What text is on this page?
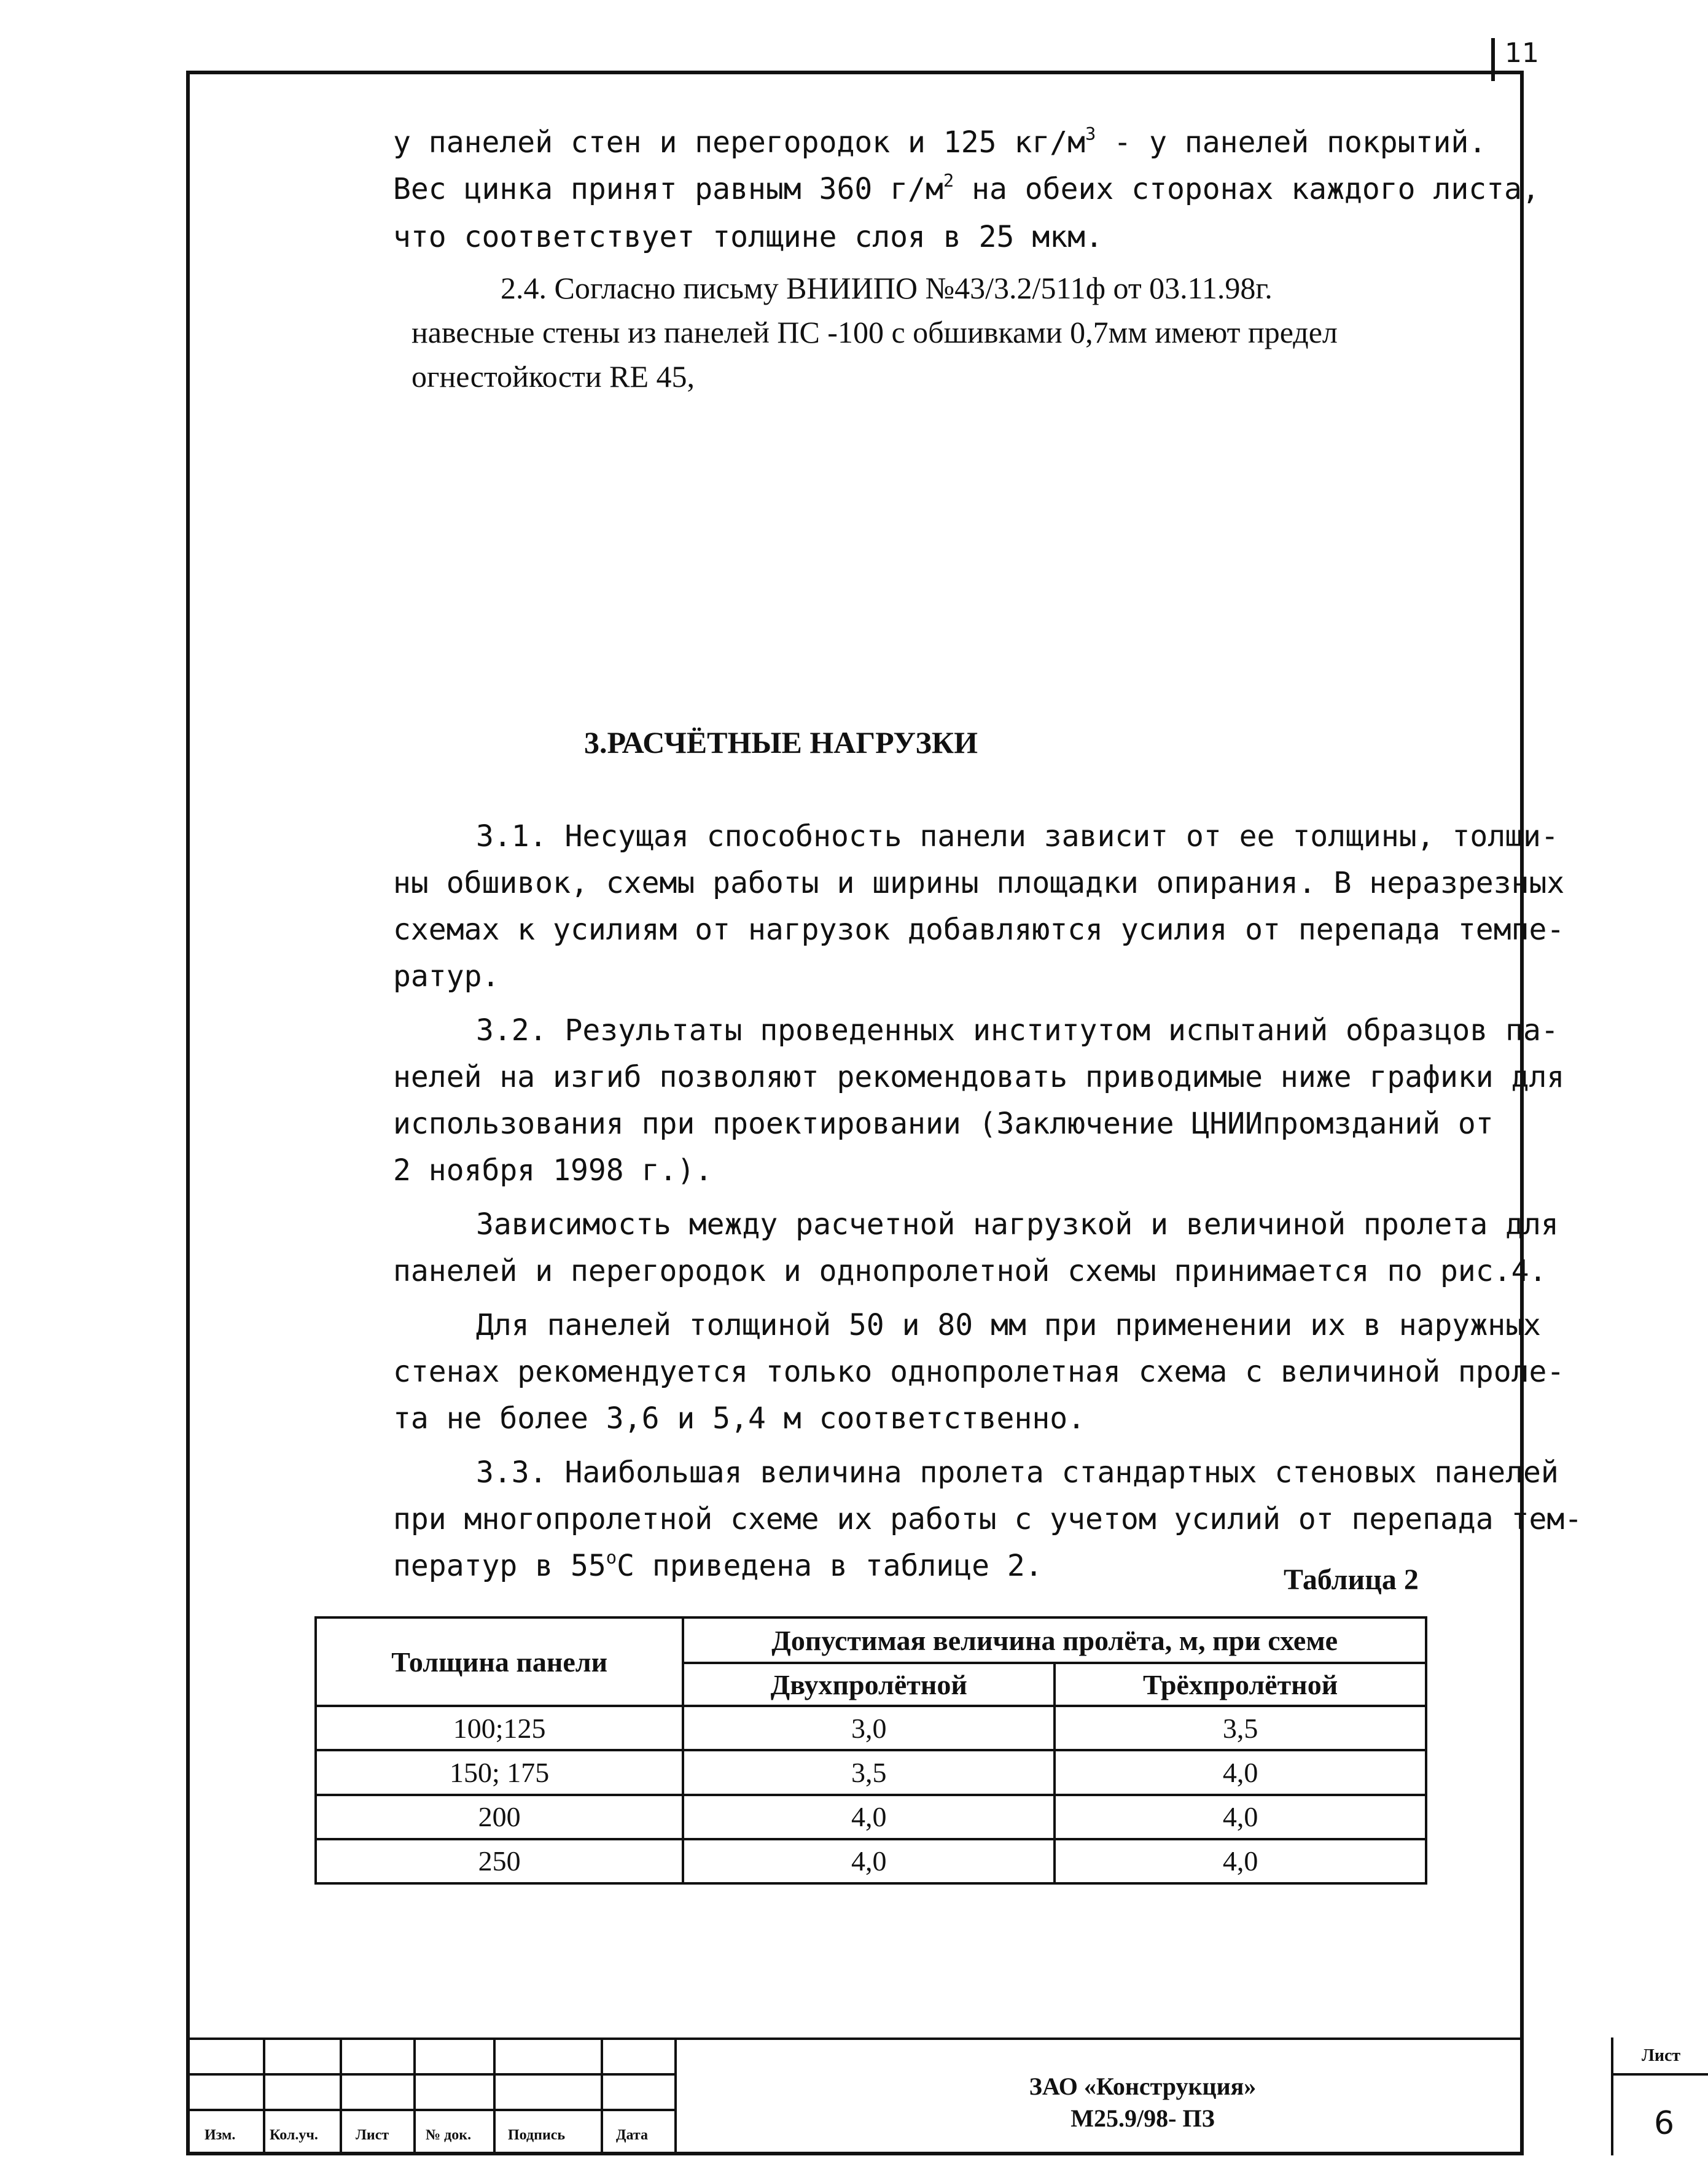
11
у панелей стен и перегородок и 125 $кг/м^3$ - у панелей покрытий.
Вес цинка принят равным 360 $г/м^2$ на обеих сторонах каждого листа,
что соответствует толщине слоя в 25 мкм.
2.4. Согласно письму ВНИИПО №43/3.2/511ф от 03.11.98г.
навесные стены из панелей ПС -100 с обшивками 0,7мм имеют предел
огнестойкости RE 45,
3.РАСЧЁТНЫЕ НАГРУЗКИ
3.1. Несущая способность панели зависит от ее толщины, толщи-
ны обшивок, схемы работы и ширины площадки опирания. В неразрезных
схемах к усилиям от нагрузок добавляются усилия от перепада темпе-
ратур.
3.2. Результаты проведенных институтом испытаний образцов па-
нелей на изгиб позволяют рекомендовать приводимые ниже графики для
использования при проектировании (Заключение ЦНИИпромзданий от
2 ноября 1998 г.).
Зависимость между расчетной нагрузкой и величиной пролета для
панелей и перегородок и однопролетной схемы принимается по рис.4.
Для панелей толщиной 50 и 80 мм при применении их в наружных
стенах рекомендуется только однопролетная схема с величиной проле-
та не более 3,6 и 5,4 м соответственно.
3.3. Наибольшая величина пролета стандартных стеновых панелей
при многопролетной схеме их работы с учетом усилий от перепада тем-
ператур в $55^оС$ приведена в таблице 2.	Таблица 2
Толщина панели	Допустимая величина пролёта, м, при схеме	
	Двухпролётной	Трёхпролётной
100;125	3,0	3,5
150; 175	3,5	4,0
200	4,0	4,0
250	4,0	4,0
Изм. Кол.уч.	Лист № док. Подпись	Дата
ЗАО «Конструкция»
М25.9/98- ПЗ
Лист
6
